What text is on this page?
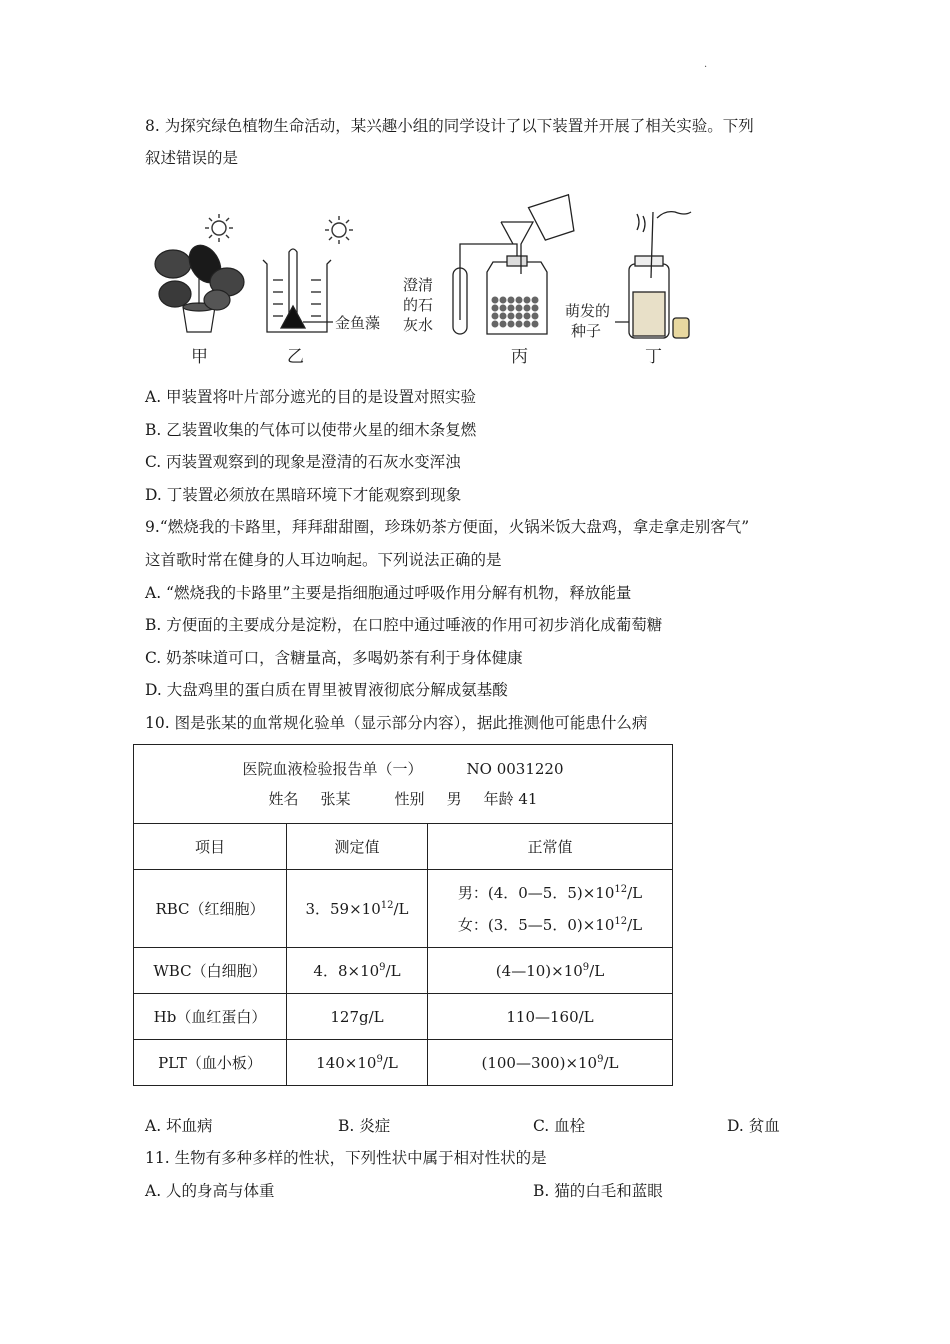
·
8. 为探究绿色植物生命活动，某兴趣小组的同学设计了以下装置并开展了相关实验。下列
叙述错误的是
金鱼藻
澄清
的石
灰水
萌发的
种子
甲	乙	丙	丁
A. 甲装置将叶片部分遮光的目的是设置对照实验
B. 乙装置收集的气体可以使带火星的细木条复燃
C. 丙装置观察到的现象是澄清的石灰水变浑浊
D. 丁装置必须放在黑暗环境下才能观察到现象
9.“燃烧我的卡路里，拜拜甜甜圈，珍珠奶茶方便面，火锅米饭大盘鸡，拿走拿走别客气”
这首歌时常在健身的人耳边响起。下列说法正确的是
A. “燃烧我的卡路里”主要是指细胞通过呼吸作用分解有机物，释放能量
B. 方便面的主要成分是淀粉，在口腔中通过唾液的作用可初步消化成葡萄糖
C. 奶茶味道可口，含糖量高，多喝奶茶有利于身体健康
D. 大盘鸡里的蛋白质在胃里被胃液彻底分解成氨基酸
10. 图是张某的血常规化验单（显示部分内容），据此推测他可能患什么病
医院血液检验报告单（一） NO 0031220
姓名 张某 性别 男 年龄 41		

项目	测定值	正常值
RBC（红细胞）	3．$59\times 10^{12}/L$	男：(4．0—5．$5)\times 10^{12}/L$
女：(3．5—5．$0)\times 10^{12}/L$

WBC（白细胞）	4．$8\times 10^9/L$	$(4—10)\times 10^9/L$
Hb（血红蛋白）	127g/L	110—160/L
PLT（血小板）	$140\times 10^9/L$	$(100—300)\times 10^9/L$
A. 坏血病	B. 炎症	C. 血栓	D. 贫血
11. 生物有多种多样的性状，下列性状中属于相对性状的是
A. 人的身高与体重	B. 猫的白毛和蓝眼
